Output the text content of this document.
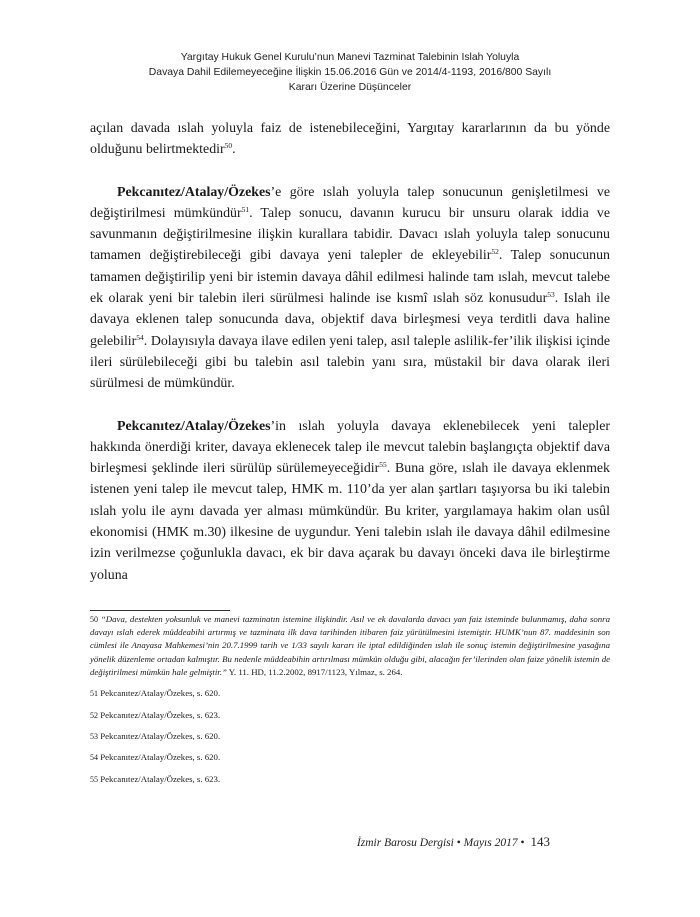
Yargıtay Hukuk Genel Kurulu’nun Manevi Tazminat Talebinin Islah Yoluyla
Davaya Dahil Edilemeyeceğine İlişkin 15.06.2016 Gün ve 2014/4-1193, 2016/800 Sayılı
Kararı Üzerine Düşünceler

açılan davada ıslah yoluyla faiz de istenebileceğini, Yargıtay kararlarının da bu yönde olduğunu belirtmektedir$^{50}$.

Pekcanıtez/Atalay/Özekes’e göre ıslah yoluyla talep sonucunun genişletilmesi ve değiştirilmesi mümkündür$^{51}$. Talep sonucu, davanın kurucu bir unsuru olarak iddia ve savunmanın değiştirilmesine ilişkin kurallara tabidir. Davacı ıslah yoluyla talep sonucunu tamamen değiştirebileceği gibi davaya yeni talepler de ekleyebilir$^{52}$. Talep sonucunun tamamen değiştirilip yeni bir istemin davaya dâhil edilmesi halinde tam ıslah, mevcut talebe ek olarak yeni bir talebin ileri sürülmesi halinde ise kısmî ıslah söz konusudur$^{53}$. Islah ile davaya eklenen talep sonucunda dava, objektif dava birleşmesi veya terditli dava haline gelebilir$^{54}$. Dolayısıyla davaya ilave edilen yeni talep, asıl taleple aslilik-fer’ilik ilişkisi içinde ileri sürülebileceği gibi bu talebin asıl talebin yanı sıra, müstakil bir dava olarak ileri sürülmesi de mümkündür.

Pekcanıtez/Atalay/Özekes’in ıslah yoluyla davaya eklenebilecek yeni talepler hakkında önerdiği kriter, davaya eklenecek talep ile mevcut talebin başlangıçta objektif dava birleşmesi şeklinde ileri sürülüp sürülemeyeceğidir$^{55}$. Buna göre, ıslah ile davaya eklenmek istenen yeni talep ile mevcut talep, HMK m. 110’da yer alan şartları taşıyorsa bu iki talebin ıslah yolu ile aynı davada yer alması mümkündür. Bu kriter, yargılamaya hakim olan usûl ekonomisi (HMK m.30) ilkesine de uygundur. Yeni talebin ıslah ile davaya dâhil edilmesine izin verilmezse çoğunlukla davacı, ek bir dava açarak bu davayı önceki dava ile birleştirme yoluna

50 “Dava, destekten yoksunluk ve manevi tazminatın istemine ilişkindir. Asıl ve ek davalarda davacı yan faiz isteminde bulunmamış, daha sonra davayı ıslah ederek müddeabihi artırmış ve tazminata ilk dava tarihinden itibaren faiz yürütülmesini istemiştir. HUMK’nun 87. maddesinin son cümlesi ile Anayasa Mahkemesi’nin 20.7.1999 tarih ve 1/33 sayılı kararı ile iptal edildiğinden ıslah ile sonuç istemin değiştirilmesine yasağına yönelik düzenleme ortadan kalmıştır. Bu nedenle müddeabihin artırılması mümkün olduğu gibi, alacağın fer’ilerinden olan faize yönelik istemin de değiştirilmesi mümkün hale gelmiştir.” Y. 11. HD, 11.2.2002, 8917/1123, Yılmaz, s. 264.

51 Pekcanıtez/Atalay/Özekes, s. 620.

52 Pekcanıtez/Atalay/Özekes, s. 623.

53 Pekcanıtez/Atalay/Özekes, s. 620.

54 Pekcanıtez/Atalay/Özekes, s. 620.

55 Pekcanıtez/Atalay/Özekes, s. 623.

İzmir Barosu Dergisi • Mayıs 2017 • 143
